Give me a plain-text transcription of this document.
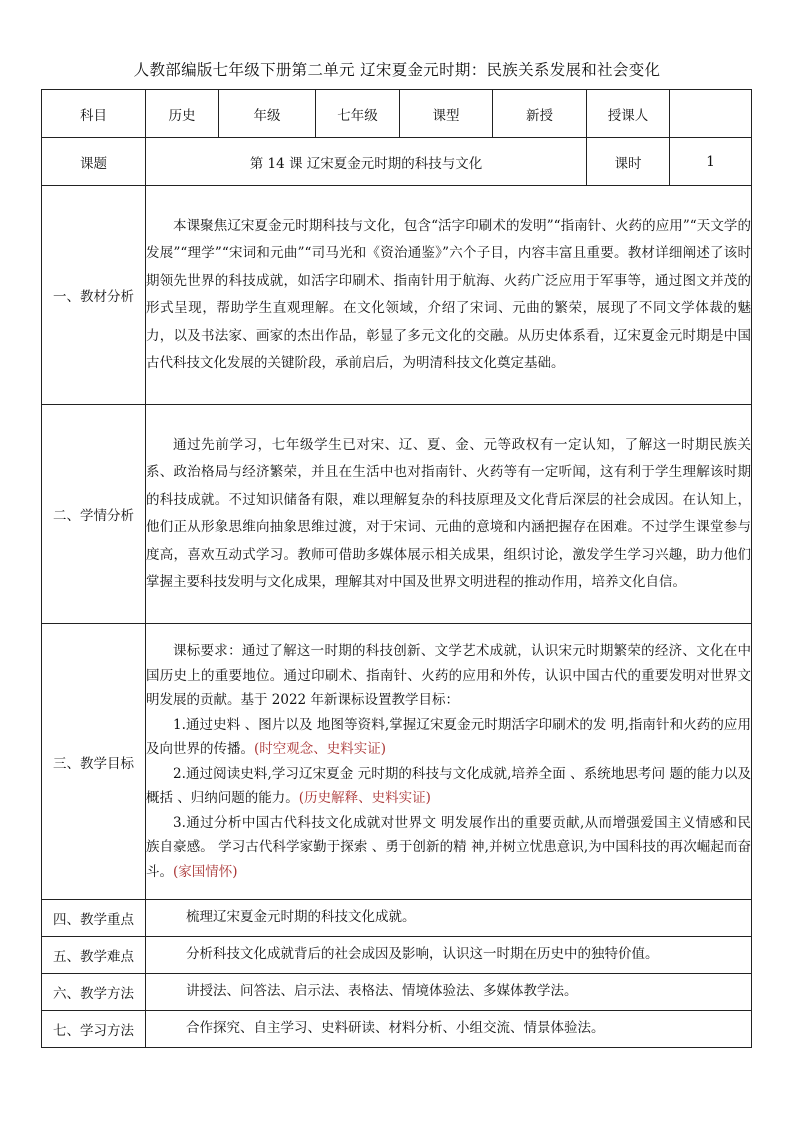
人教部编版七年级下册第二单元 辽宋夏金元时期：民族关系发展和社会变化
科目	历史	年级	七年级	课型	新授	授课人	
课题	第 14 课 辽宋夏金元时期的科技与文化					课时	1
一、教材分析	本课聚焦辽宋夏金元时期科技与文化，包含“活字印刷术的发明”“指南针、火药的应用”“天文学的发展”“理学”“宋词和元曲”“司马光和《资治通鉴》”六个子目，内容丰富且重要。教材详细阐述了该时期领先世界的科技成就，如活字印刷术、指南针用于航海、火药广泛应用于军事等，通过图文并茂的形式呈现，帮助学生直观理解。在文化领域，介绍了宋词、元曲的繁荣，展现了不同文学体裁的魅力，以及书法家、画家的杰出作品，彰显了多元文化的交融。从历史体系看，辽宋夏金元时期是中国古代科技文化发展的关键阶段，承前启后，为明清科技文化奠定基础。						

二、学情分析	通过先前学习，七年级学生已对宋、辽、夏、金、元等政权有一定认知，了解这一时期民族关系、政治格局与经济繁荣，并且在生活中也对指南针、火药等有一定听闻，这有利于学生理解该时期的科技成就。不过知识储备有限，难以理解复杂的科技原理及文化背后深层的社会成因。在认知上，他们正从形象思维向抽象思维过渡，对于宋词、元曲的意境和内涵把握存在困难。不过学生课堂参与度高，喜欢互动式学习。教师可借助多媒体展示相关成果，组织讨论，激发学生学习兴趣，助力他们掌握主要科技发明与文化成果，理解其对中国及世界文明进程的推动作用，培养文化自信。						

三、教学目标	课标要求：通过了解这一时期的科技创新、文学艺术成就，认识宋元时期繁荣的经济、文化在中国历史上的重要地位。通过印刷术、指南针、火药的应用和外传，认识中国古代的重要发明对世界文明发展的贡献。基于 2022 年新课标设置教学目标：

1.通过史料 、图片以及 地图等资料,掌握辽宋夏金元时期活字印刷术的发 明,指南针和火药的应用及向世界的传播。(时空观念、史料实证)

2.通过阅读史料,学习辽宋夏金 元时期的科技与文化成就,培养全面 、系统地思考问 题的能力以及概括 、归纳问题的能力。(历史解释、史料实证)

3.通过分析中国古代科技文化成就对世界文 明发展作出的重要贡献,从而增强爱国主义情感和民 族自豪感。 学习古代科学家勤于探索 、勇于创新的精 神,并树立忧患意识,为中国科技的再次崛起而奋斗。(家国情怀)						

四、教学重点	梳理辽宋夏金元时期的科技文化成就。						

五、教学难点	分析科技文化成就背后的社会成因及影响，认识这一时期在历史中的独特价值。						

六、教学方法	讲授法、问答法、启示法、表格法、情境体验法、多媒体教学法。						

七、学习方法	合作探究、自主学习、史料研读、材料分析、小组交流、情景体验法。						
